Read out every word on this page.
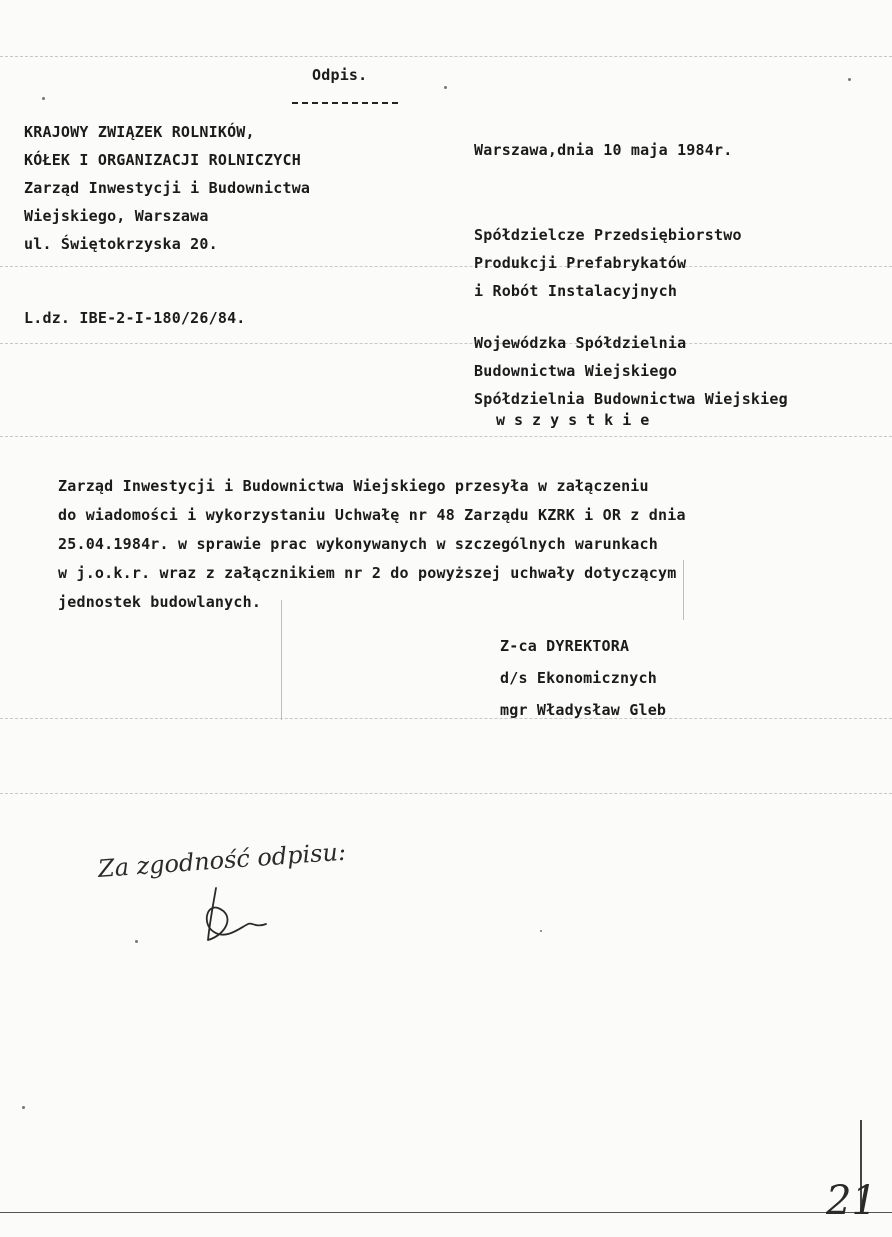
Odpis.
KRAJOWY ZWIĄZEK ROLNIKÓW,
KÓŁEK I ORGANIZACJI ROLNICZYCH
Zarząd Inwestycji i Budownictwa
Wiejskiego, Warszawa
ul. Świętokrzyska 20.
Warszawa,dnia 10 maja 1984r.
L.dz. IBE-2-I-180/26/84.
Spółdzielcze Przedsiębiorstwo
Produkcji Prefabrykatów
i Robót Instalacyjnych
Wojewódzka Spółdzielnia
Budownictwa Wiejskiego
Spółdzielnia Budownictwa Wiejskieg
wszystkie
Zarząd Inwestycji i Budownictwa Wiejskiego przesyła w załączeniu
do wiadomości i wykorzystaniu Uchwałę nr 48 Zarządu KZRK i OR z dnia
25.04.1984r. w sprawie prac wykonywanych w szczególnych warunkach
w j.o.k.r. wraz z załącznikiem nr 2 do powyższej uchwały dotyczącym
jednostek budowlanych.
Z-ca DYREKTORA
d/s Ekonomicznych
mgr Władysław Gleb
Za zgodność odpisu:
21
